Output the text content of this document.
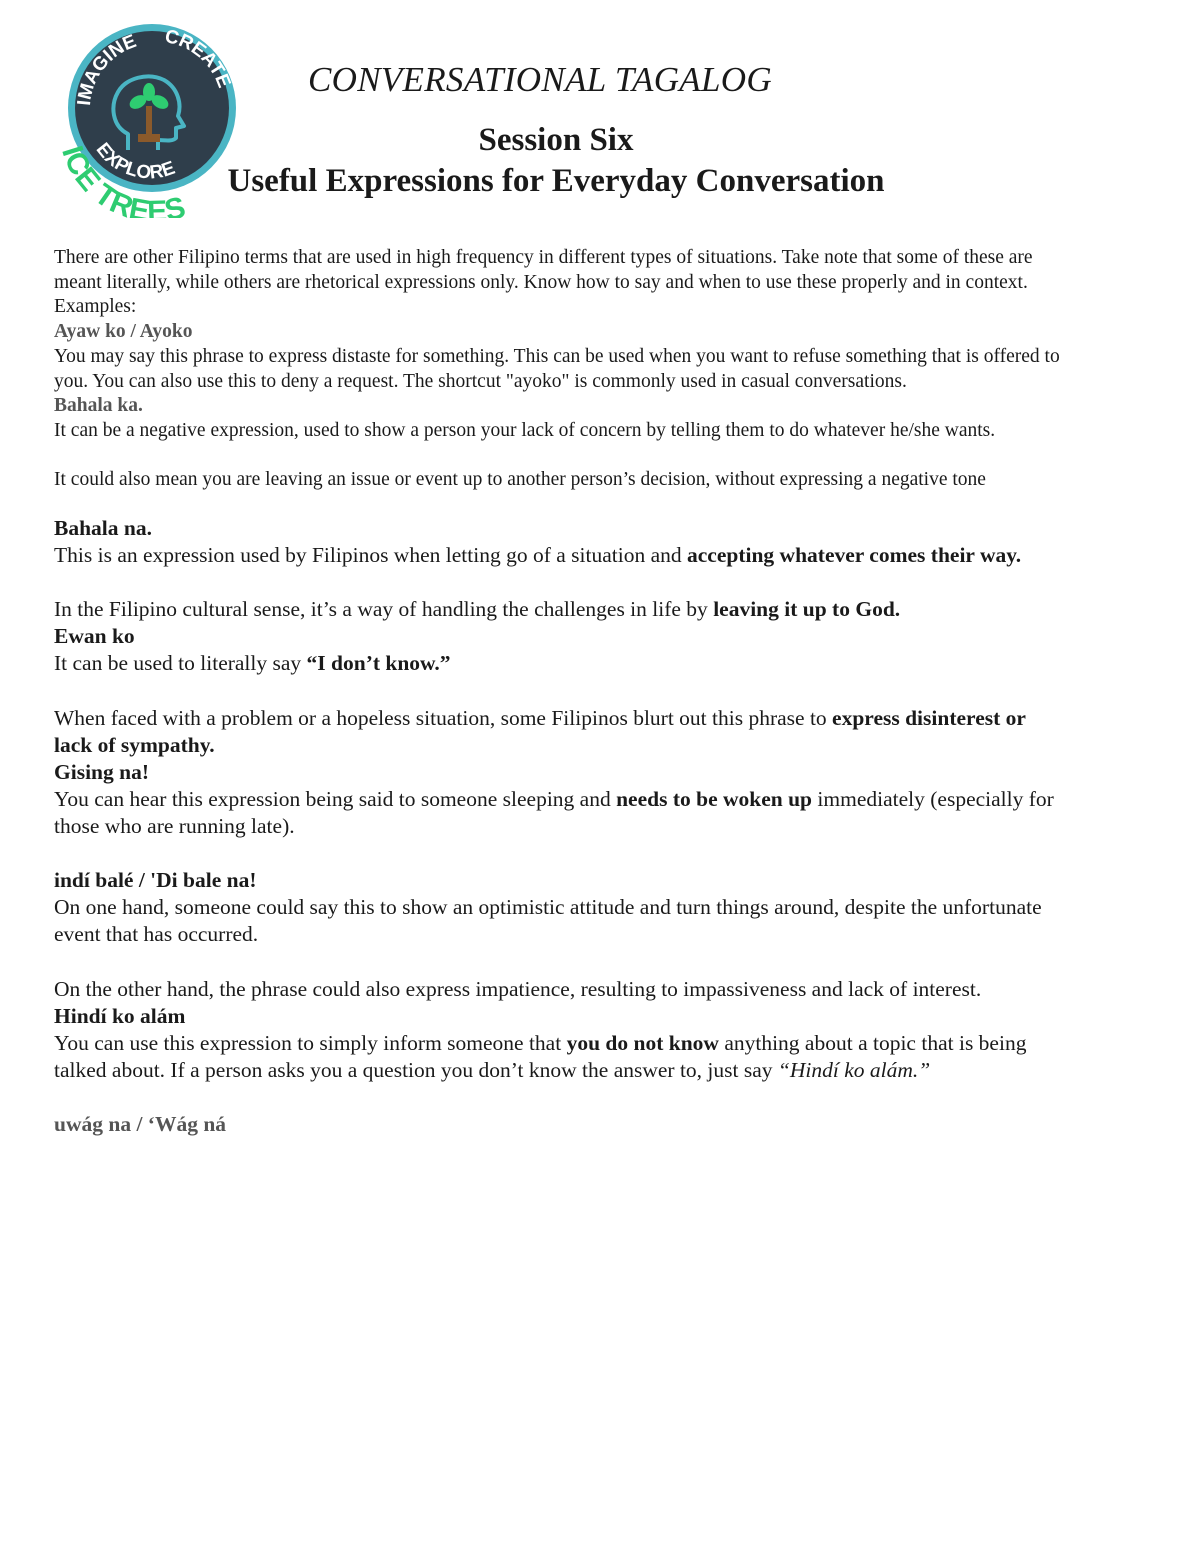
IMAGINE CREATE
EXPLORE
ICE TREES
CONVERSATIONAL TAGALOG
Session Six
Useful Expressions for Everyday Conversation

There are other Filipino terms that are used in high frequency in different types of situations. Take note that some of these are meant literally, while others are rhetorical expressions only. Know how to say and when to use these properly and in context.

Examples:

Ayaw ko / Ayoko

You may say this phrase to express distaste for something. This can be used when you want to refuse something that is offered to you. You can also use this to deny a request. The shortcut "ayoko" is commonly used in casual conversations.

Bahala ka.

It can be a negative expression, used to show a person your lack of concern by telling them to do whatever he/she wants.

It could also mean you are leaving an issue or event up to another person’s decision, without expressing a negative tone

Bahala na.

This is an expression used by Filipinos when letting go of a situation and accepting whatever comes their way.

In the Filipino cultural sense, it’s a way of handling the challenges in life by leaving it up to God.

Ewan ko

It can be used to literally say “I don’t know.”

When faced with a problem or a hopeless situation, some Filipinos blurt out this phrase to express disinterest or lack of sympathy.

Gising na!

You can hear this expression being said to someone sleeping and needs to be woken up immediately (especially for those who are running late).

indí balé / 'Di bale na!

On one hand, someone could say this to show an optimistic attitude and turn things around, despite the unfortunate event that has occurred.

On the other hand, the phrase could also express impatience, resulting to impassiveness and lack of interest.

Hindí ko alám

You can use this expression to simply inform someone that you do not know anything about a topic that is being talked about. If a person asks you a question you don’t know the answer to, just say “Hindí ko alám.”

uwág na / ‘Wág ná
